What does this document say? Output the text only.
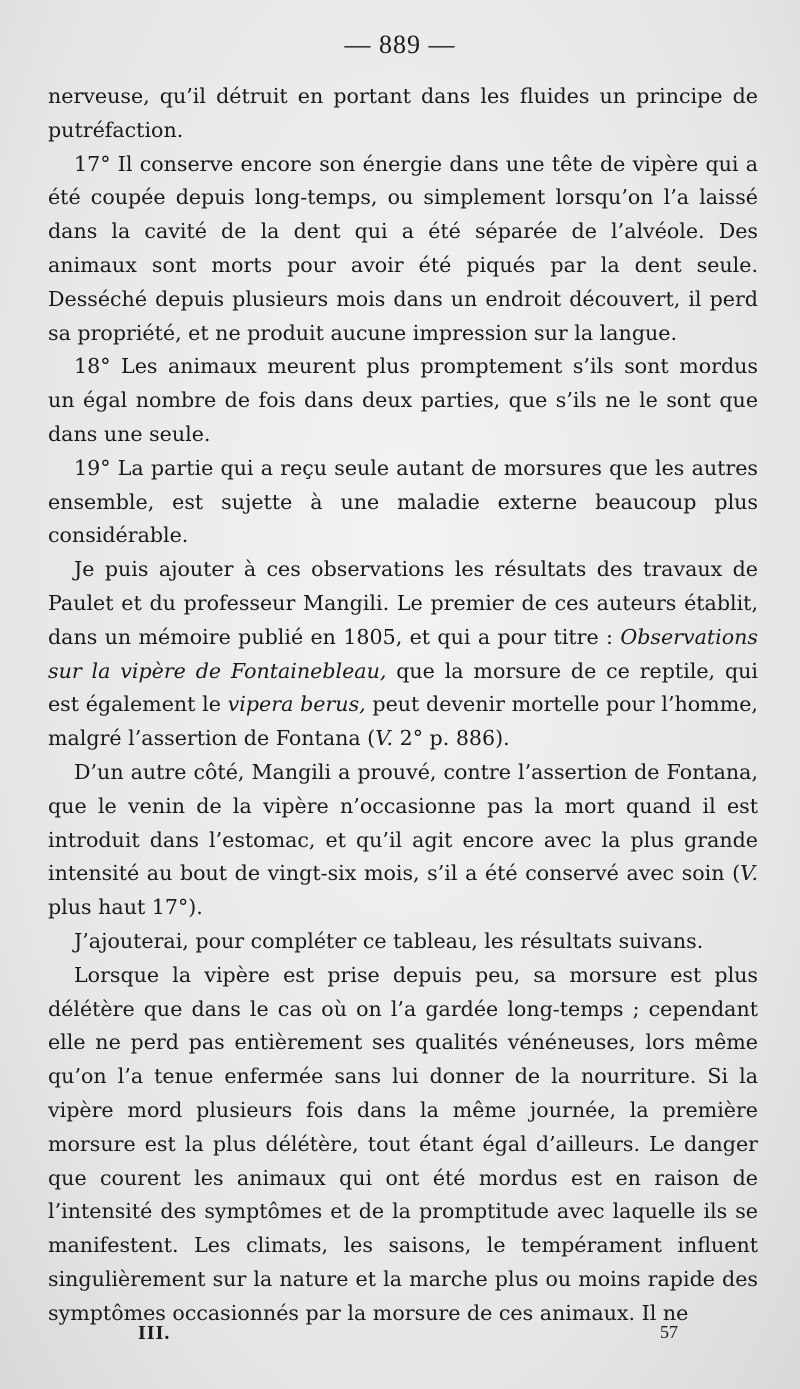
— 889 —

nerveuse, qu’il détruit en portant dans les fluides un principe de putréfaction.

17° Il conserve encore son énergie dans une tête de vipère qui a été coupée depuis long-temps, ou simplement lorsqu’on l’a laissé dans la cavité de la dent qui a été séparée de l’alvéole. Des animaux sont morts pour avoir été piqués par la dent seule. Desséché depuis plusieurs mois dans un endroit découvert, il perd sa propriété, et ne produit aucune impression sur la langue.

18° Les animaux meurent plus promptement s’ils sont mordus un égal nombre de fois dans deux parties, que s’ils ne le sont que dans une seule.

19° La partie qui a reçu seule autant de morsures que les autres ensemble, est sujette à une maladie externe beaucoup plus considérable.

Je puis ajouter à ces observations les résultats des travaux de Paulet et du professeur Mangili. Le premier de ces auteurs établit, dans un mémoire publié en 1805, et qui a pour titre : Observations sur la vipère de Fontainebleau, que la morsure de ce reptile, qui est également le vipera berus, peut devenir mortelle pour l’homme, malgré l’assertion de Fontana (V. 2° p. 886).

D’un autre côté, Mangili a prouvé, contre l’assertion de Fontana, que le venin de la vipère n’occasionne pas la mort quand il est introduit dans l’estomac, et qu’il agit encore avec la plus grande intensité au bout de vingt-six mois, s’il a été conservé avec soin (V. plus haut 17°).

J’ajouterai, pour compléter ce tableau, les résultats suivans.

Lorsque la vipère est prise depuis peu, sa morsure est plus délétère que dans le cas où on l’a gardée long-temps ; cependant elle ne perd pas entièrement ses qualités vénéneuses, lors même qu’on l’a tenue enfermée sans lui donner de la nourriture. Si la vipère mord plusieurs fois dans la même journée, la première morsure est la plus délétère, tout étant égal d’ailleurs. Le danger que courent les animaux qui ont été mordus est en raison de l’intensité des symptômes et de la promptitude avec laquelle ils se manifestent. Les climats, les saisons, le tempérament influent singulièrement sur la nature et la marche plus ou moins rapide des symptômes occasionnés par la morsure de ces animaux. Il ne

III.	57
